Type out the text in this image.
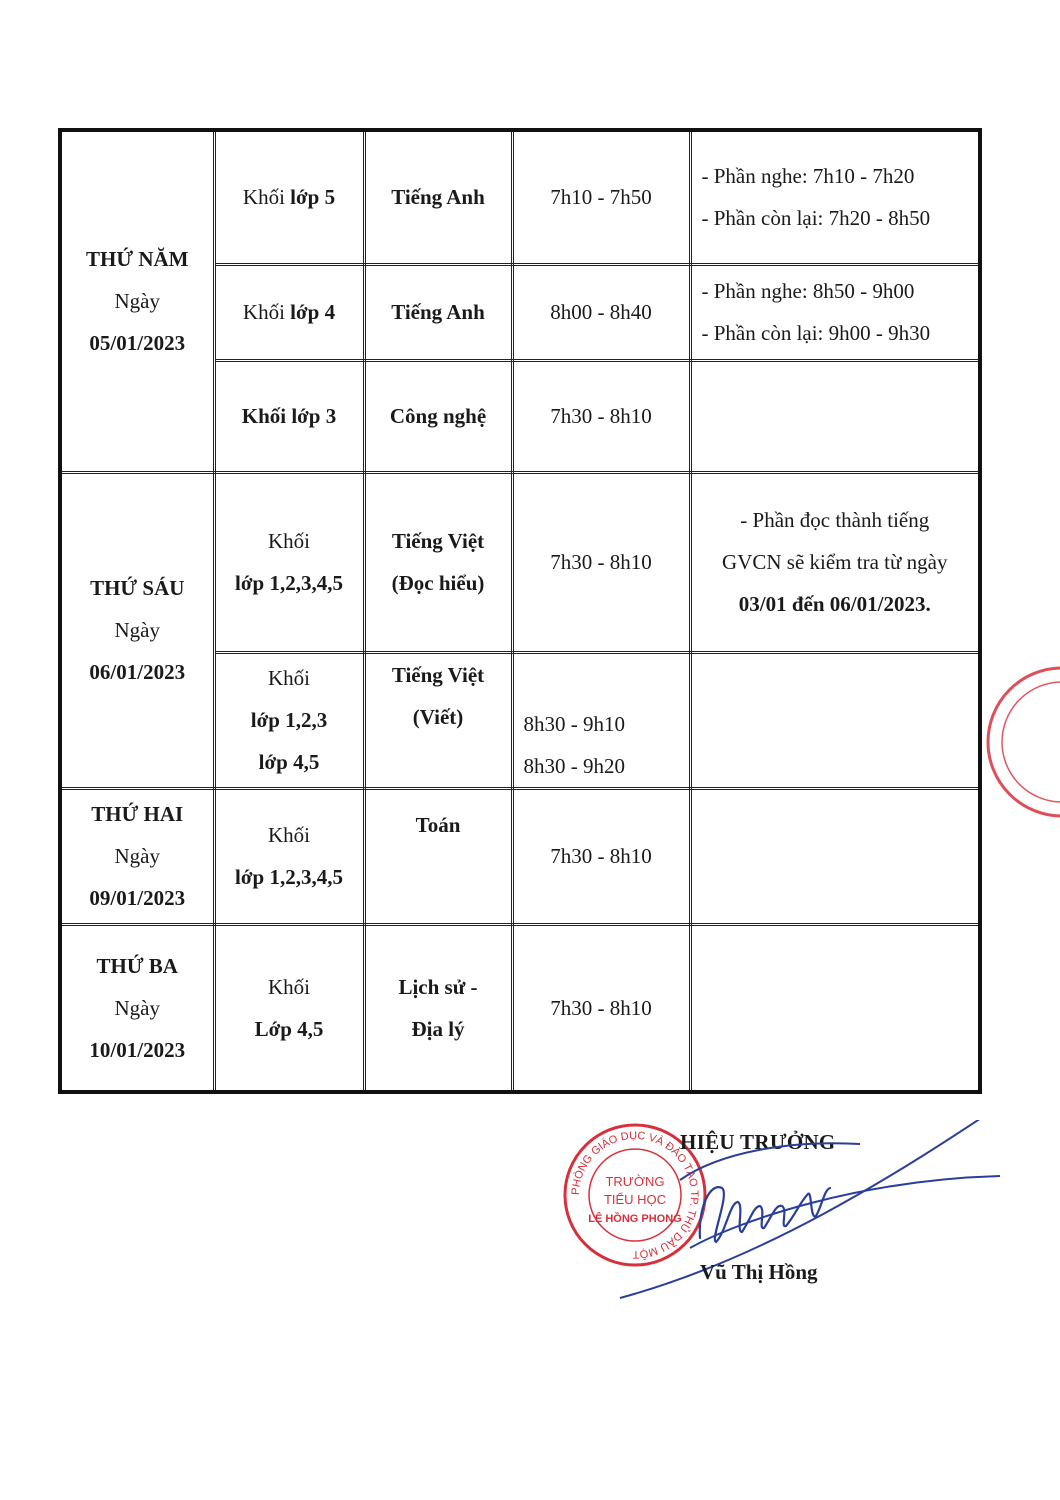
THỨ NĂM
Ngày
05/01/2023	Khối lớp 5	Tiếng Anh	7h10 - 7h50	- Phần nghe: 7h10 - 7h20
- Phần còn lại: 7h20 - 8h50

	Khối lớp 4	Tiếng Anh	8h00 - 8h40	- Phần nghe: 8h50 - 9h00
- Phần còn lại: 9h00 - 9h30

	Khối lớp 3	Công nghệ	7h30 - 8h10	

THỨ SÁU
Ngày
06/01/2023	Khối
lớp 1,2,3,4,5	Tiếng Việt
(Đọc hiểu)	7h30 - 8h10	- Phần đọc thành tiếng
GVCN sẽ kiểm tra từ ngày
03/01 đến 06/01/2023.

	Khối
lớp 1,2,3
lớp 4,5	Tiếng Việt
(Viết)	8h30 - 9h10
8h30 - 9h20	

THỨ HAI
Ngày
09/01/2023	Khối
lớp 1,2,3,4,5	Toán	7h30 - 8h10	

THỨ BA
Ngày
10/01/2023	Khối
Lớp 4,5	Lịch sử -
Địa lý	7h30 - 8h10	
PHÒNG GIÁO DỤC VÀ ĐÀO TẠO TP. THỦ DẦU MỘT
TRƯỜNG
TIỂU HỌC
LÊ HỒNG PHONG
HIỆU TRƯỞNG
Vũ Thị Hồng
